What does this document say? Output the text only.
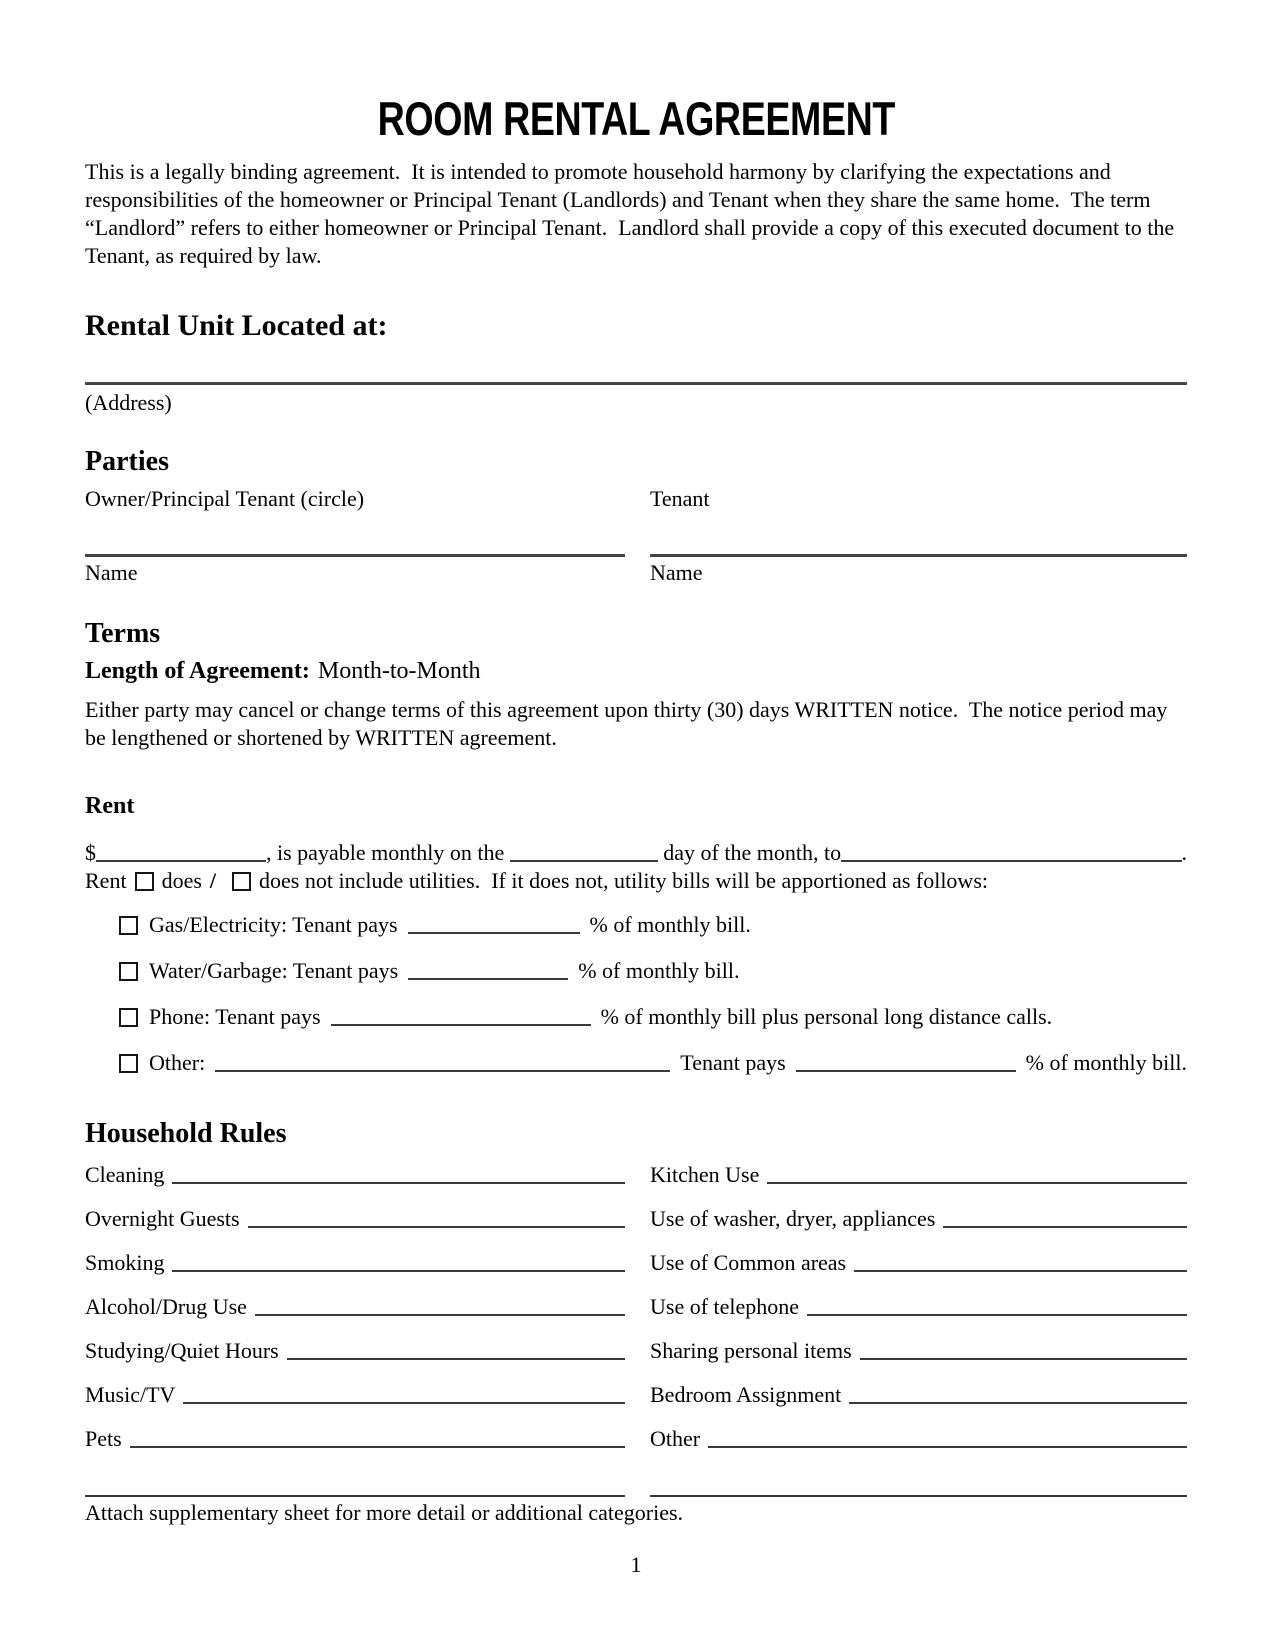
ROOM RENTAL AGREEMENT
This is a legally binding agreement.  It is intended to promote household harmony by clarifying the expectations and responsibilities of the homeowner or Principal Tenant (Landlords) and Tenant when they share the same home.  The term “Landlord” refers to either homeowner or Principal Tenant.  Landlord shall provide a copy of this executed document to the Tenant, as required by law.
Rental Unit Located at:
(Address)
Parties
Owner/Principal Tenant (circle)	Tenant
Name	Name
Terms
Length of Agreement: Month-to-Month
Either party may cancel or change terms of this agreement upon thirty (30) days WRITTEN notice.  The notice period may be lengthened or shortened by WRITTEN agreement.
Rent
$	, is payable monthly on the	day of the month, to	.
Rent does / does not include utilities.  If it does not, utility bills will be apportioned as follows:
Gas/Electricity: Tenant pays	% of monthly bill.
Water/Garbage: Tenant pays	% of monthly bill.
Phone: Tenant pays	% of monthly bill plus personal long distance calls.
Other:	Tenant pays	% of monthly bill.
Household Rules
Cleaning	Kitchen Use
Overnight Guests	Use of washer, dryer, appliances
Smoking	Use of Common areas
Alcohol/Drug Use	Use of telephone
Studying/Quiet Hours	Sharing personal items
Music/TV	Bedroom Assignment
Pets	Other
Attach supplementary sheet for more detail or additional categories.
1
